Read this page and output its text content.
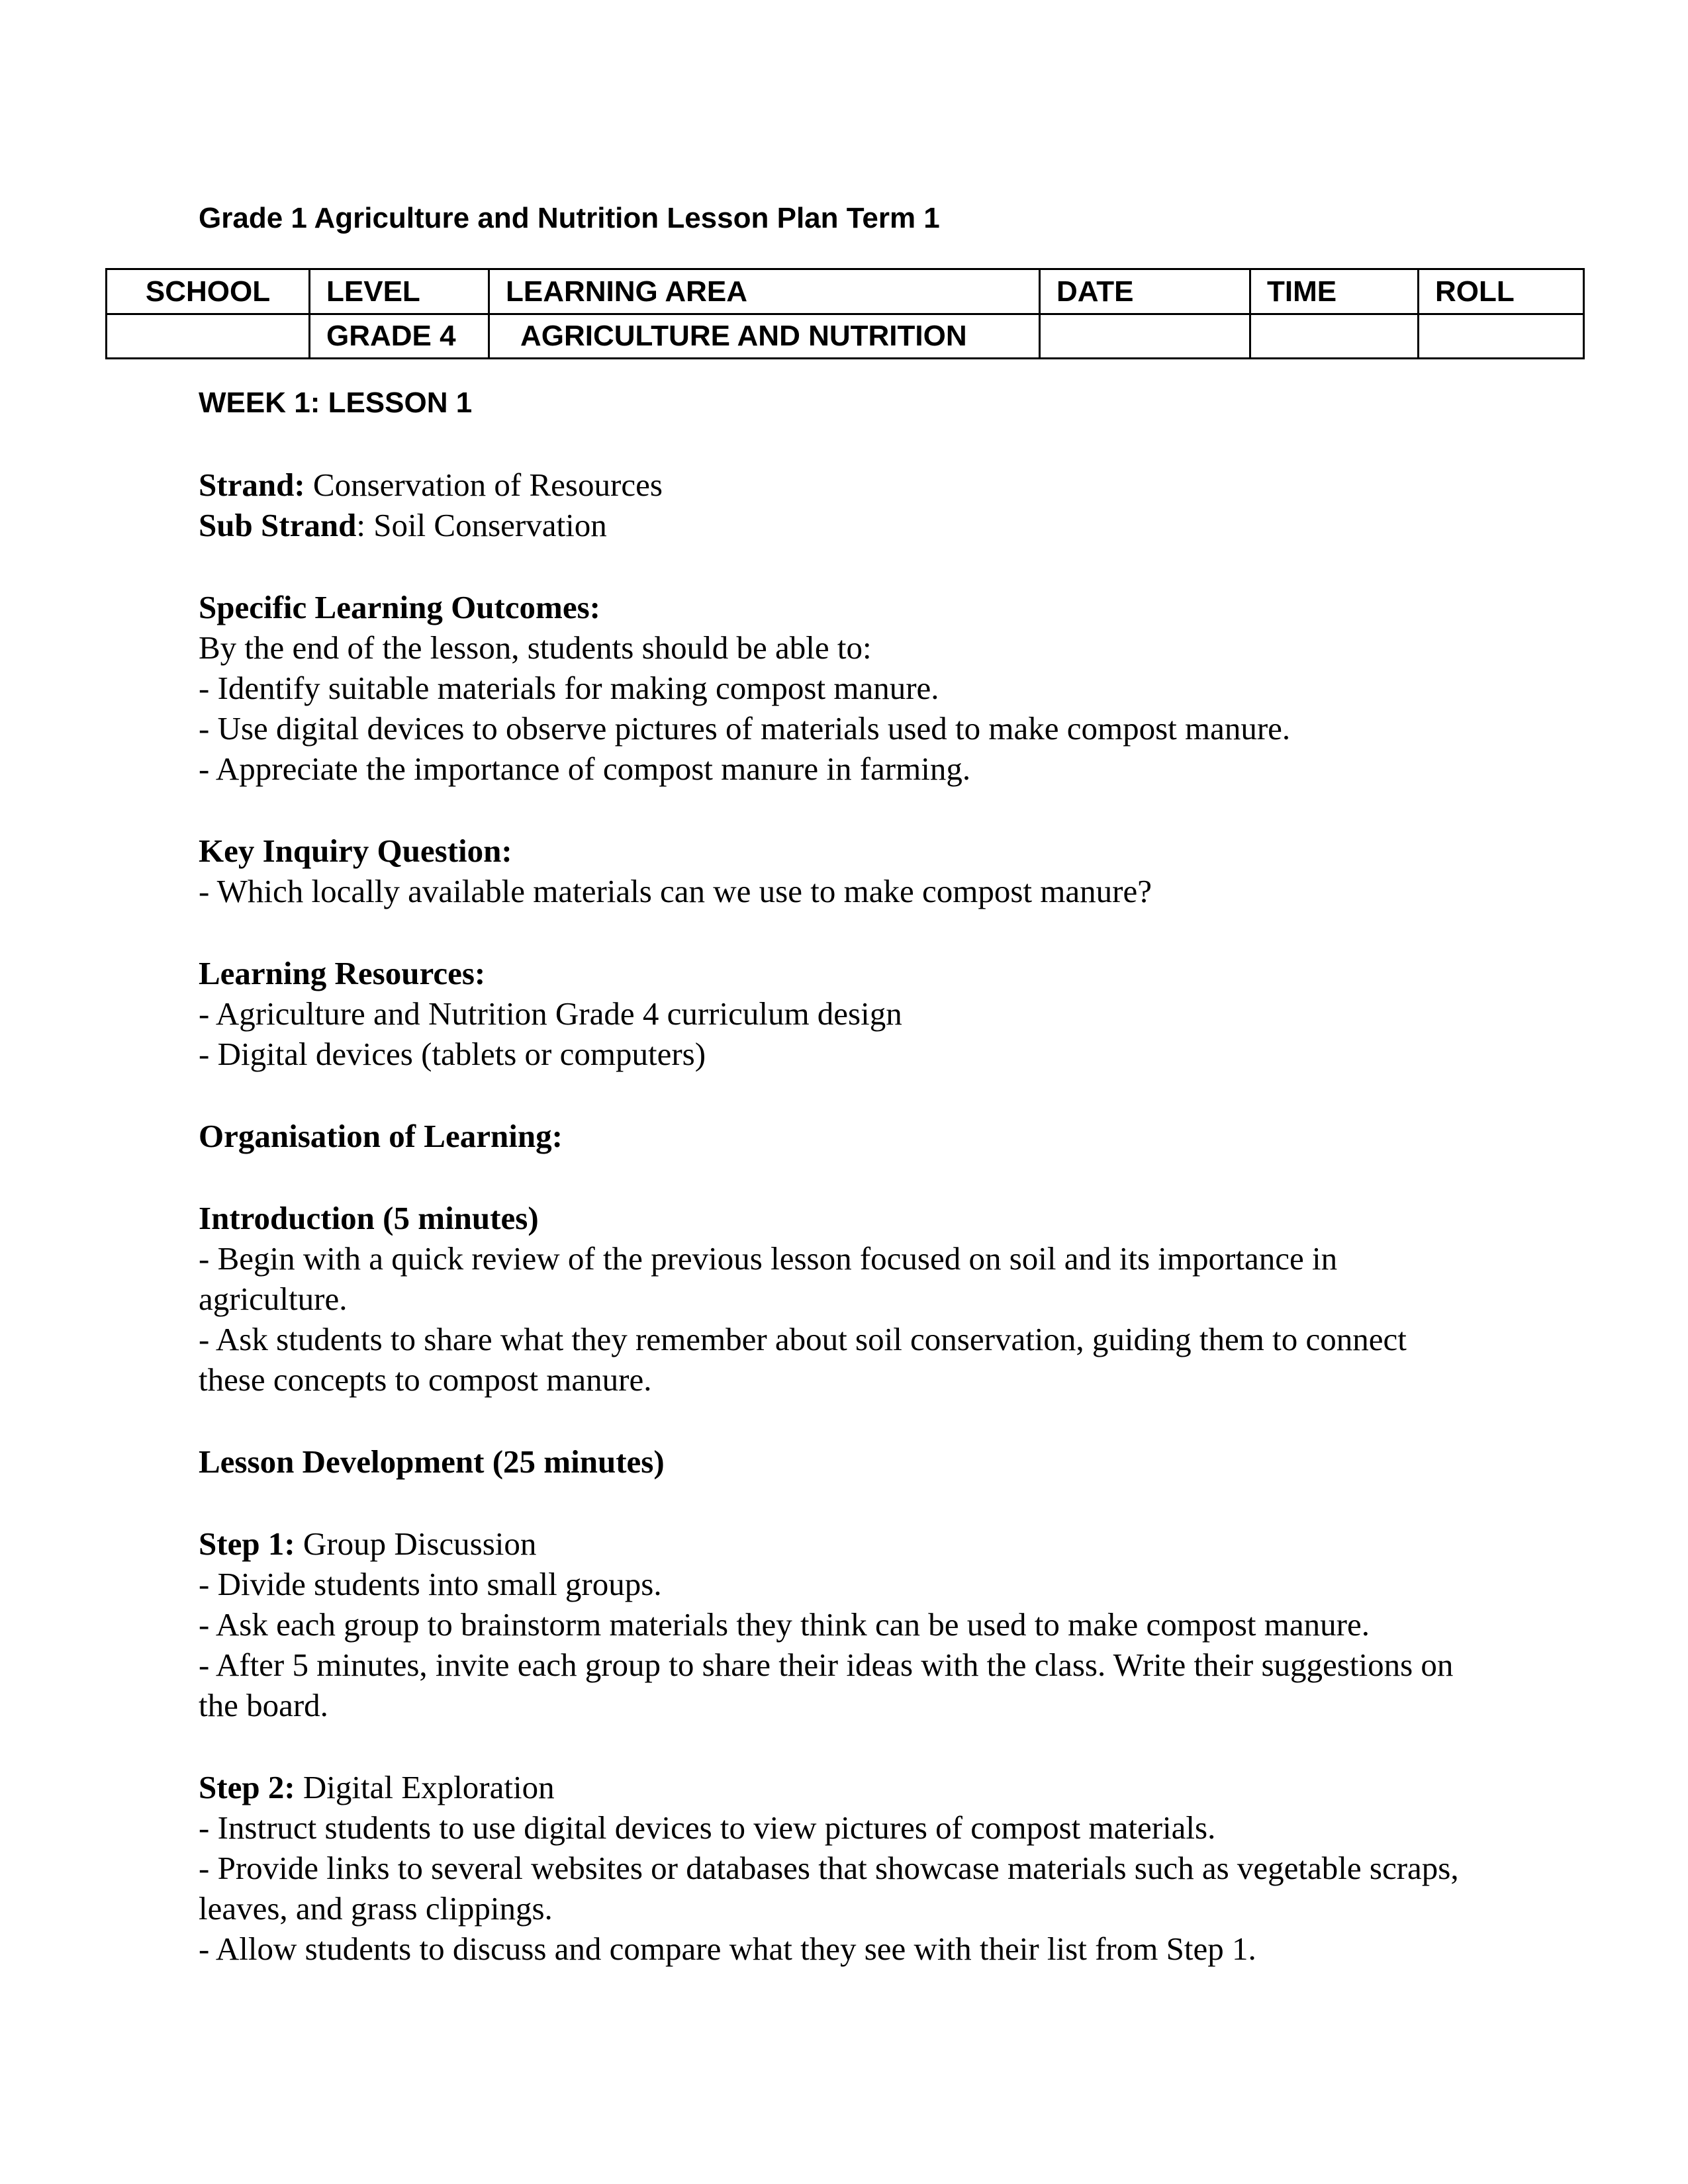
Grade 1 Agriculture and Nutrition Lesson Plan Term 1
SCHOOL	LEVEL	LEARNING AREA	DATE	TIME	ROLL
	GRADE 4	AGRICULTURE AND NUTRITION			
WEEK 1: LESSON 1
Strand: Conservation of Resources
Sub Strand: Soil Conservation
Specific Learning Outcomes:
By the end of the lesson, students should be able to:
- Identify suitable materials for making compost manure.
- Use digital devices to observe pictures of materials used to make compost manure.
- Appreciate the importance of compost manure in farming.
Key Inquiry Question:
- Which locally available materials can we use to make compost manure?
Learning Resources:
- Agriculture and Nutrition Grade 4 curriculum design
- Digital devices (tablets or computers)
Organisation of Learning:
Introduction (5 minutes)
- Begin with a quick review of the previous lesson focused on soil and its importance in
agriculture.
- Ask students to share what they remember about soil conservation, guiding them to connect
these concepts to compost manure.
Lesson Development (25 minutes)
Step 1: Group Discussion
- Divide students into small groups.
- Ask each group to brainstorm materials they think can be used to make compost manure.
- After 5 minutes, invite each group to share their ideas with the class. Write their suggestions on
the board.
Step 2: Digital Exploration
- Instruct students to use digital devices to view pictures of compost materials.
- Provide links to several websites or databases that showcase materials such as vegetable scraps,
leaves, and grass clippings.
- Allow students to discuss and compare what they see with their list from Step 1.
